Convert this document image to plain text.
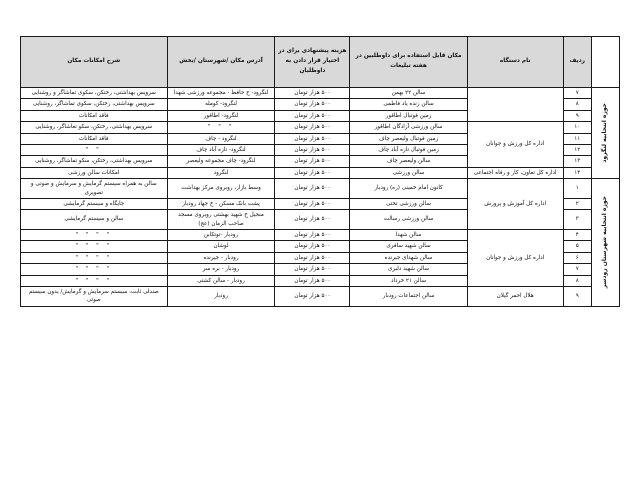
	ردیف	نام دستگاه	مکان قابل استفاده برای داوطلبین در هفته تبلیغات	هزینه پیشنهادی برای در اختیار قرار دادن به داوطلبان	آدرس مکان /شهرستان /بخش	شرح امکانات مکان

حوزه انتخابیه لنگرود	۷		سالن ۲۲ بهمن	۵۰۰ هزار تومان	لنگرود- خ حافظ - مجموعه ورزشی شهدا	سرویس بهداشتی، رختکن، سکوی تماشاگر و روشنایی
	۸		سالن زنده یاد فاطمی	۵۰۰ هزار تومان	لنگرود- کومله	سرویس بهداشتی، رختکن، سکوی تماشاگر، روشنایی
	۹		زمین فوتبال اطاقور	۵۰۰ هزار تومان	لنگرود- اطاقور	فاقد امکانات
	۱۰	اداره کل ورزش و جوانان	سالن ورزشی آزادگان اطاقور	۵۰۰ هزار تومان	" " "	سرویس بهداشتی، رختکن، سکو تعاشاگر، روشنایی
	۱۱		زمین فوتبال ولیعصر چاف	۵۰۰ هزار تومان	لنگرود - چاف	فاقد امکانات
	۱۲		زمین فوتبال تازه آباد چاف	۵۰۰ هزار تومان	لنگرود- تازه آباد چاف	" "
	۱۳		سالن ولیعصر چاف	۵۰۰ هزار تومان	لنگرود- چاف مجموعه ولیعصر	سرویس بهداشتی، رختکن، سکو تماشاگر، روشنایی
	۱۴	اداره کل تعاون، کار و رفاه اجتماعی	سالن ورزشی	۵۰۰ هزار تومان	لنگرود	امکانات سالن ورزشی

حوزه انتخابیه شهرستان رودسر	۱	اداره کل آموزش و پرورش	کانون امام خمینی (ره) رودبار	۵۰۰ هزار تومان	وسط بازار، روبروی مرکز بهداشت	سالن به همراه سیستم گرمایش و سرمایش و صوتی و تصویری
	۲		سالن ورزشی تختی	۵۰۰ هزار تومان	پشت بانک مسکن - خ جهاد رودبار	جایگاه و سیستم گرمایشی
	۳		سالن ورزشی رسالت	۵۰۰ هزار تومان	منجیل خ شهید بهشتی روبروی مسجد صاحب الزمان (عج)	سالن و سیستم گرمایشی
	۴	اداره کل ورزش و جوانان	سالن شهدا	۵۰۰ هزار تومان	رودبار -توتکابن	" " " "
	۵		سالن شهید سافری	۵۰۰ هزار تومان	لوشان	" " " "
	۶		سالن شهدای جیرنده	۵۰۰ هزار تومان	رودبار - جیرنده	" " " "
	۷		سالن شهید دلبری	۵۰۰ هزار تومان	رودبار - بره سر	" " " "
	۸		سالن ۲۱ خرداد	۵۰۰ هزار تومان	رودبار - سالن کشتی	" " " "
	۹	هلال احمر گیلان	سالن اجتماعات رودبار	۵۰۰ هزار تومان	رودبار	صندلی ثابت، سیستم سرمایش و گرمایش/ بدون سیستم صوتی
